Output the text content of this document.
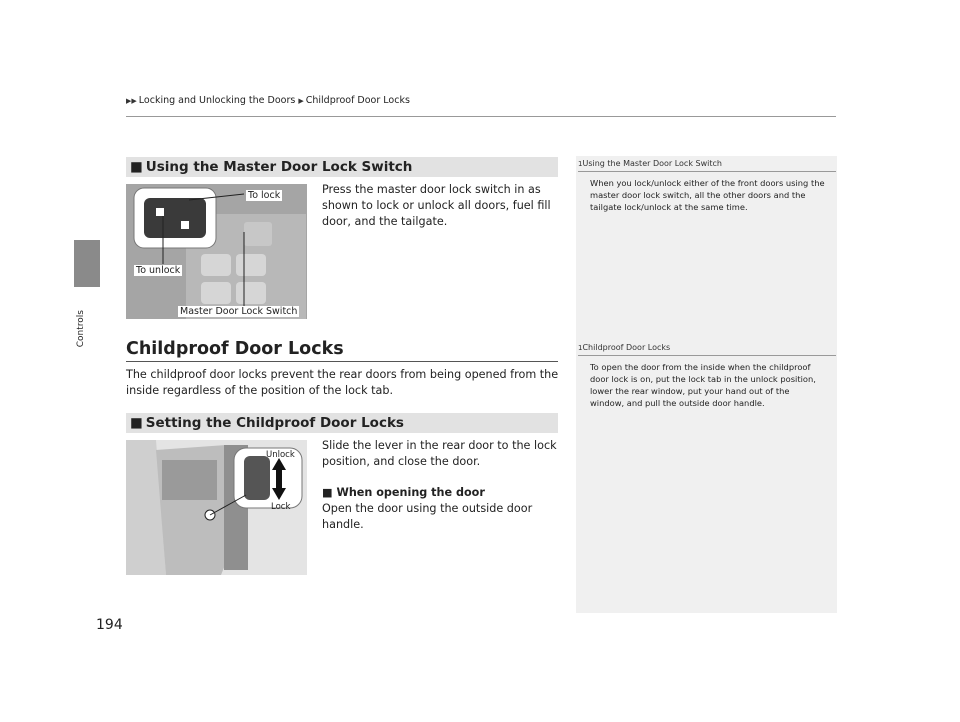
▶▶ Locking and Unlocking the Doors ▶ Childproof Door Locks
Controls
194
1Using the Master Door Lock Switch
When you lock/unlock either of the front doors using the master door lock switch, all the other doors and the tailgate lock/unlock at the same time.
1Childproof Door Locks
To open the door from the inside when the childproof door lock is on, put the lock tab in the unlock position, lower the rear window, put your hand out of the window, and pull the outside door handle.
■ Using the Master Door Lock Switch
To lock
To unlock
Master Door Lock Switch
Press the master door lock switch in as shown to lock or unlock all doors, fuel fill door, and the tailgate.
Childproof Door Locks
The childproof door locks prevent the rear doors from being opened from the inside regardless of the position of the lock tab.
■ Setting the Childproof Door Locks
Unlock
Lock
Slide the lever in the rear door to the lock position, and close the door.
■ When opening the door
Open the door using the outside door handle.
